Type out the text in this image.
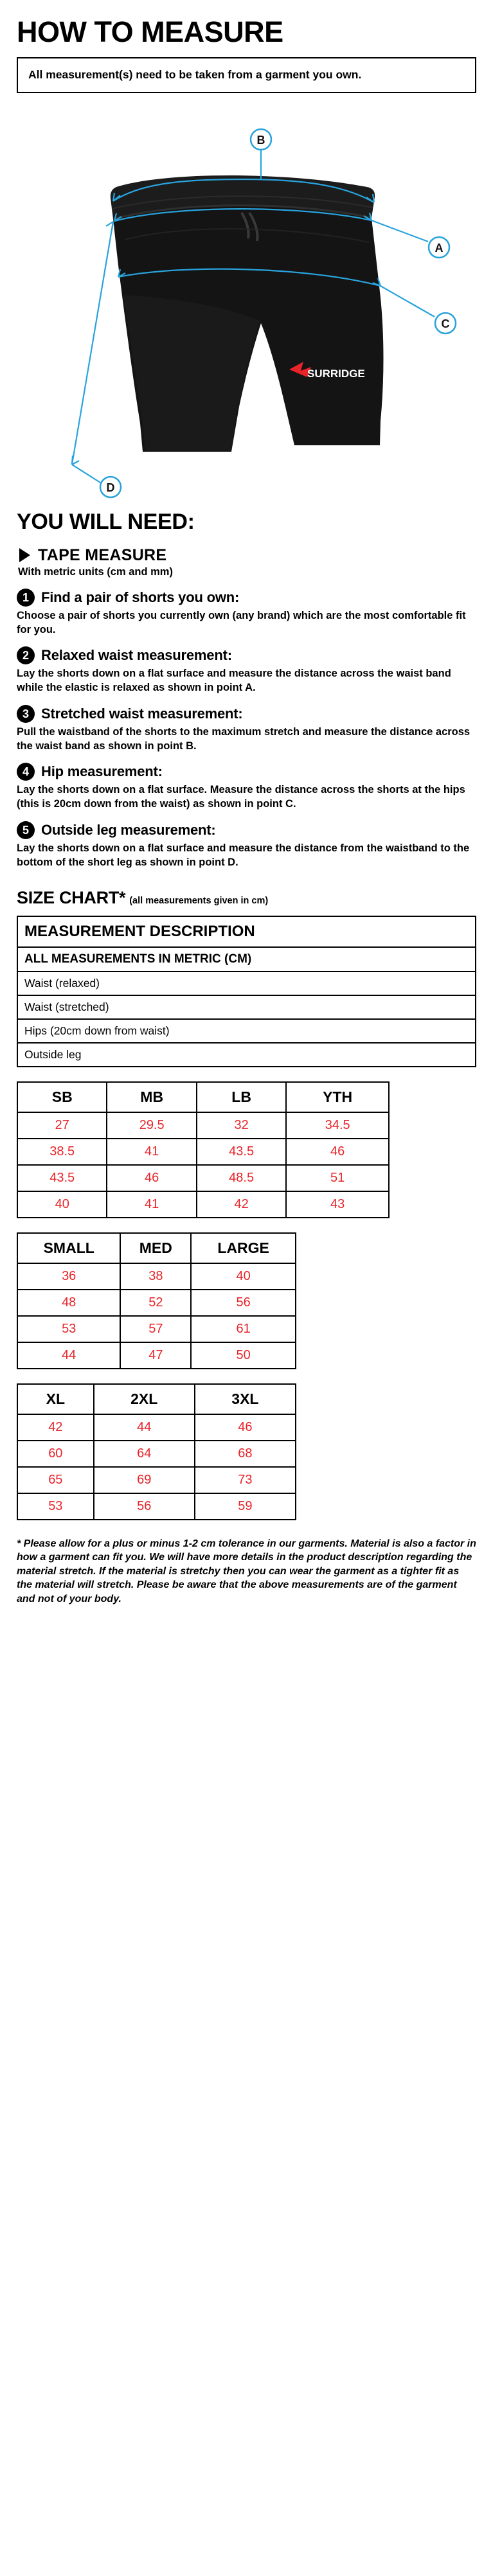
HOW TO MEASURE
All measurement(s) need to be taken from a garment you own.
SURRIDGE
B
A
C
D
YOU WILL NEED:
TAPE MEASURE
With metric units (cm and mm)
1 Find a pair of shorts you own:
Choose a pair of shorts you currently own (any brand) which are the most comfortable fit for you.
2 Relaxed waist measurement:
Lay the shorts down on a flat surface and measure the distance across the waist band while the elastic is relaxed as shown in point A.
3 Stretched waist measurement:
Pull the waistband of the shorts to the maximum stretch and measure the distance across the waist band as shown in point B.
4 Hip measurement:
Lay the shorts down on a flat surface. Measure the distance across the shorts at the hips (this is 20cm down from the waist) as shown in point C.
5 Outside leg measurement:
Lay the shorts down on a flat surface and measure the distance from the waistband to the bottom of the short leg as shown in point D.
SIZE CHART* (all measurements given in cm)
MEASUREMENT DESCRIPTION
ALL MEASUREMENTS IN METRIC (CM)
Waist (relaxed)
Waist (stretched)
Hips (20cm down from waist)
Outside leg
SB	MB	LB	YTH
27	29.5	32	34.5
38.5	41	43.5	46
43.5	46	48.5	51
40	41	42	43
SMALL	MED	LARGE
36	38	40
48	52	56
53	57	61
44	47	50
XL	2XL	3XL
42	44	46
60	64	68
65	69	73
53	56	59
* Please allow for a plus or minus 1-2 cm tolerance in our garments. Material is also a factor in how a garment can fit you. We will have more details in the product description regarding the material stretch. If the material is stretchy then you can wear the garment as a tighter fit as the material will stretch. Please be aware that the above measurements are of the garment and not of your body.
